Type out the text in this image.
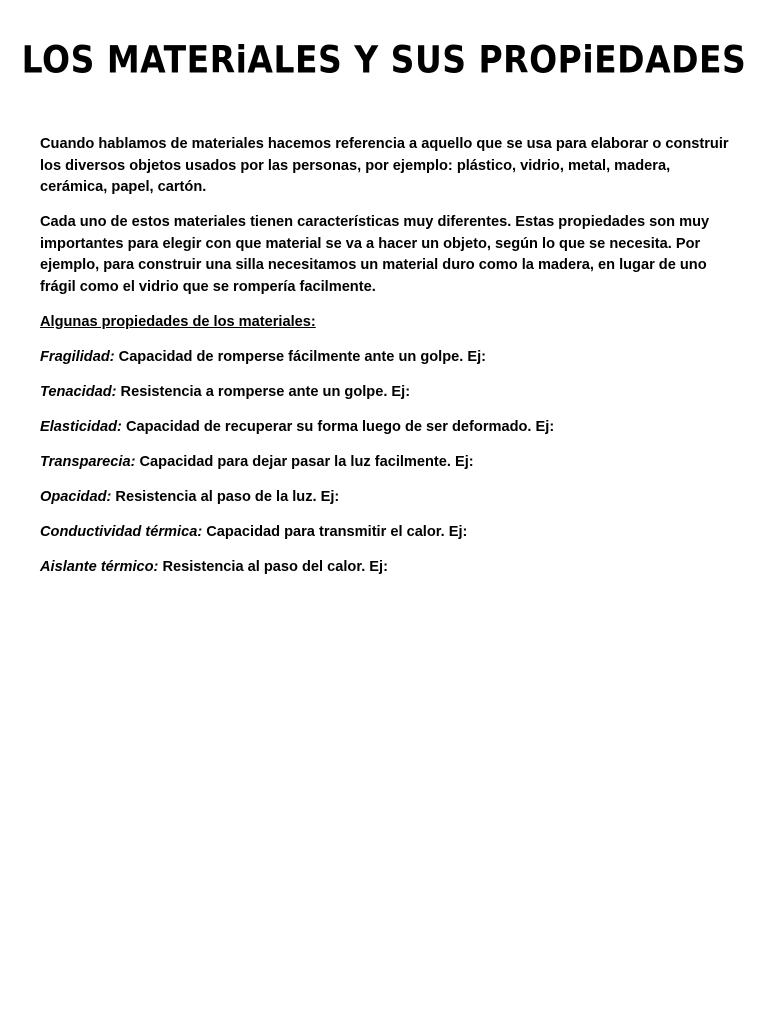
LOS MATERiALES Y SUS PROPiEDADES

Cuando hablamos de materiales hacemos referencia a aquello que se usa para elaborar o construir los diversos objetos usados por las personas, por ejemplo: plástico, vidrio, metal, madera, cerámica, papel, cartón.

Cada uno de estos materiales tienen características muy diferentes. Estas propiedades son muy importantes para elegir con que material se va a hacer un objeto, según lo que se necesita. Por ejemplo, para construir una silla necesitamos un material duro como la madera, en lugar de uno frágil como el vidrio que se rompería facilmente.

Algunas propiedades de los materiales:

Fragilidad: Capacidad de romperse fácilmente ante un golpe. Ej:

Tenacidad: Resistencia a romperse ante un golpe. Ej:

Elasticidad: Capacidad de recuperar su forma luego de ser deformado. Ej:

Transparecia: Capacidad para dejar pasar la luz facilmente. Ej:

Opacidad: Resistencia al paso de la luz. Ej:

Conductividad térmica: Capacidad para transmitir el calor. Ej:

Aislante térmico: Resistencia al paso del calor. Ej:
